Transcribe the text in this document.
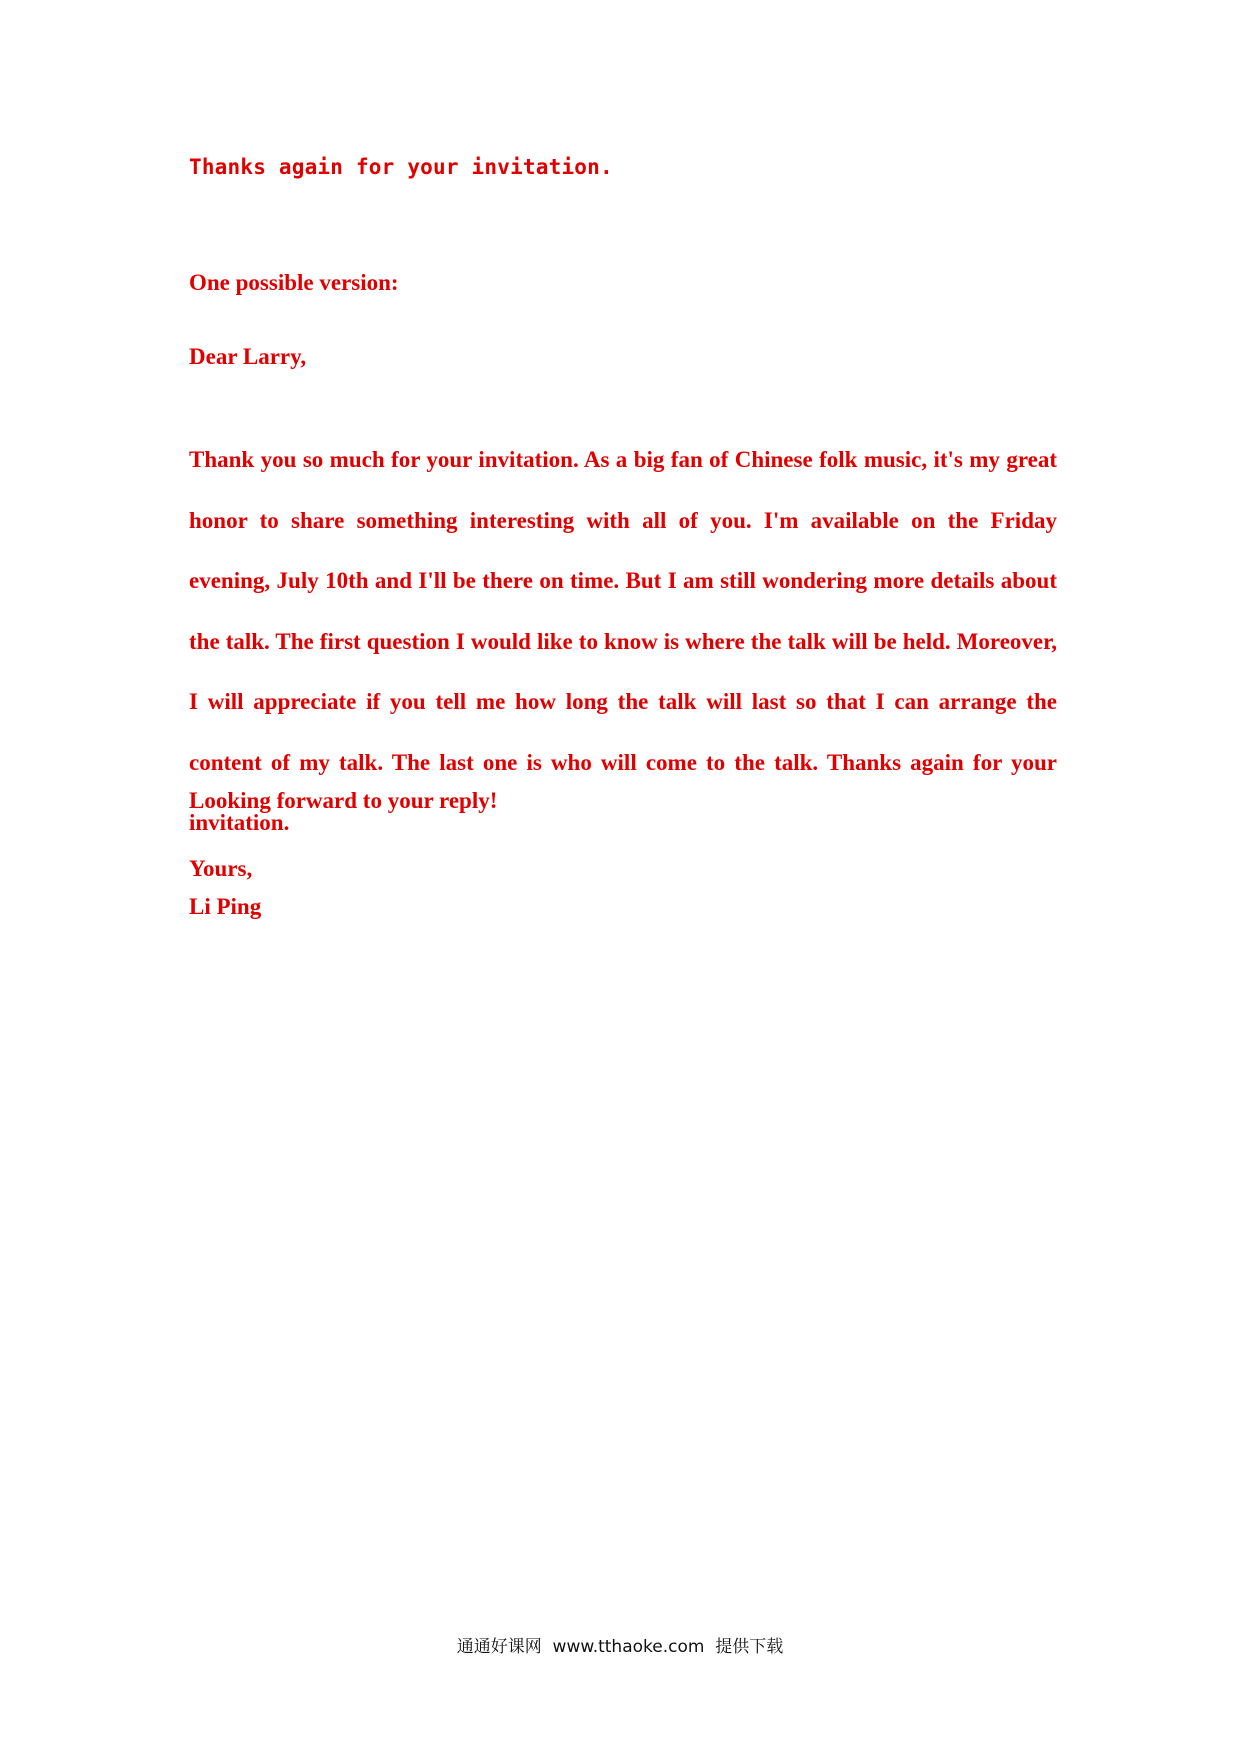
Thanks again for your invitation.
One possible version:
Dear Larry,

Thank you so much for your invitation. As a big fan of Chinese folk music, it's my great honor to share something interesting with all of you. I'm available on the Friday evening, July 10th and I'll be there on time. But I am still wondering more details about the talk. The first question I would like to know is where the talk will be held. Moreover, I will appreciate if you tell me how long the talk will last so that I can arrange the content of my talk. The last one is who will come to the talk. Thanks again for your invitation.

Looking forward to your reply!
Yours,
Li Ping
通通好课网  www.tthaoke.com  提供下载
